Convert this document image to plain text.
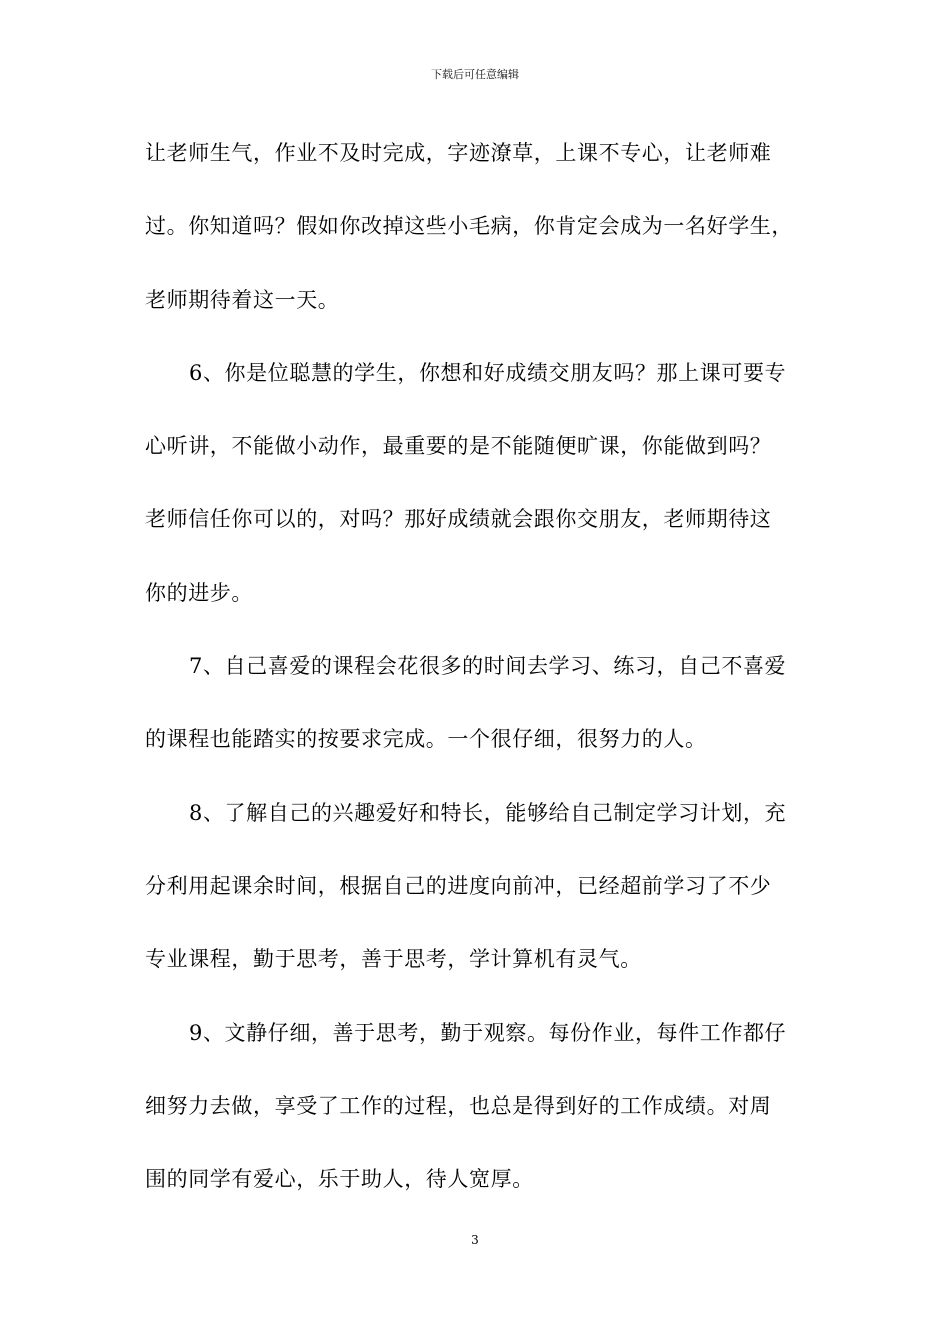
下载后可任意编辑
让老师生气，作业不及时完成，字迹潦草，上课不专心，让老师难
过。你知道吗？假如你改掉这些小毛病，你肯定会成为一名好学生，
老师期待着这一天。
6、你是位聪慧的学生，你想和好成绩交朋友吗？那上课可要专
心听讲，不能做小动作，最重要的是不能随便旷课，你能做到吗？
老师信任你可以的，对吗？那好成绩就会跟你交朋友，老师期待这
你的进步。
7、自己喜爱的课程会花很多的时间去学习、练习，自己不喜爱
的课程也能踏实的按要求完成。一个很仔细，很努力的人。
8、了解自己的兴趣爱好和特长，能够给自己制定学习计划，充
分利用起课余时间，根据自己的进度向前冲，已经超前学习了不少
专业课程，勤于思考，善于思考，学计算机有灵气。
9、文静仔细，善于思考，勤于观察。每份作业，每件工作都仔
细努力去做，享受了工作的过程，也总是得到好的工作成绩。对周
围的同学有爱心，乐于助人，待人宽厚。
3
